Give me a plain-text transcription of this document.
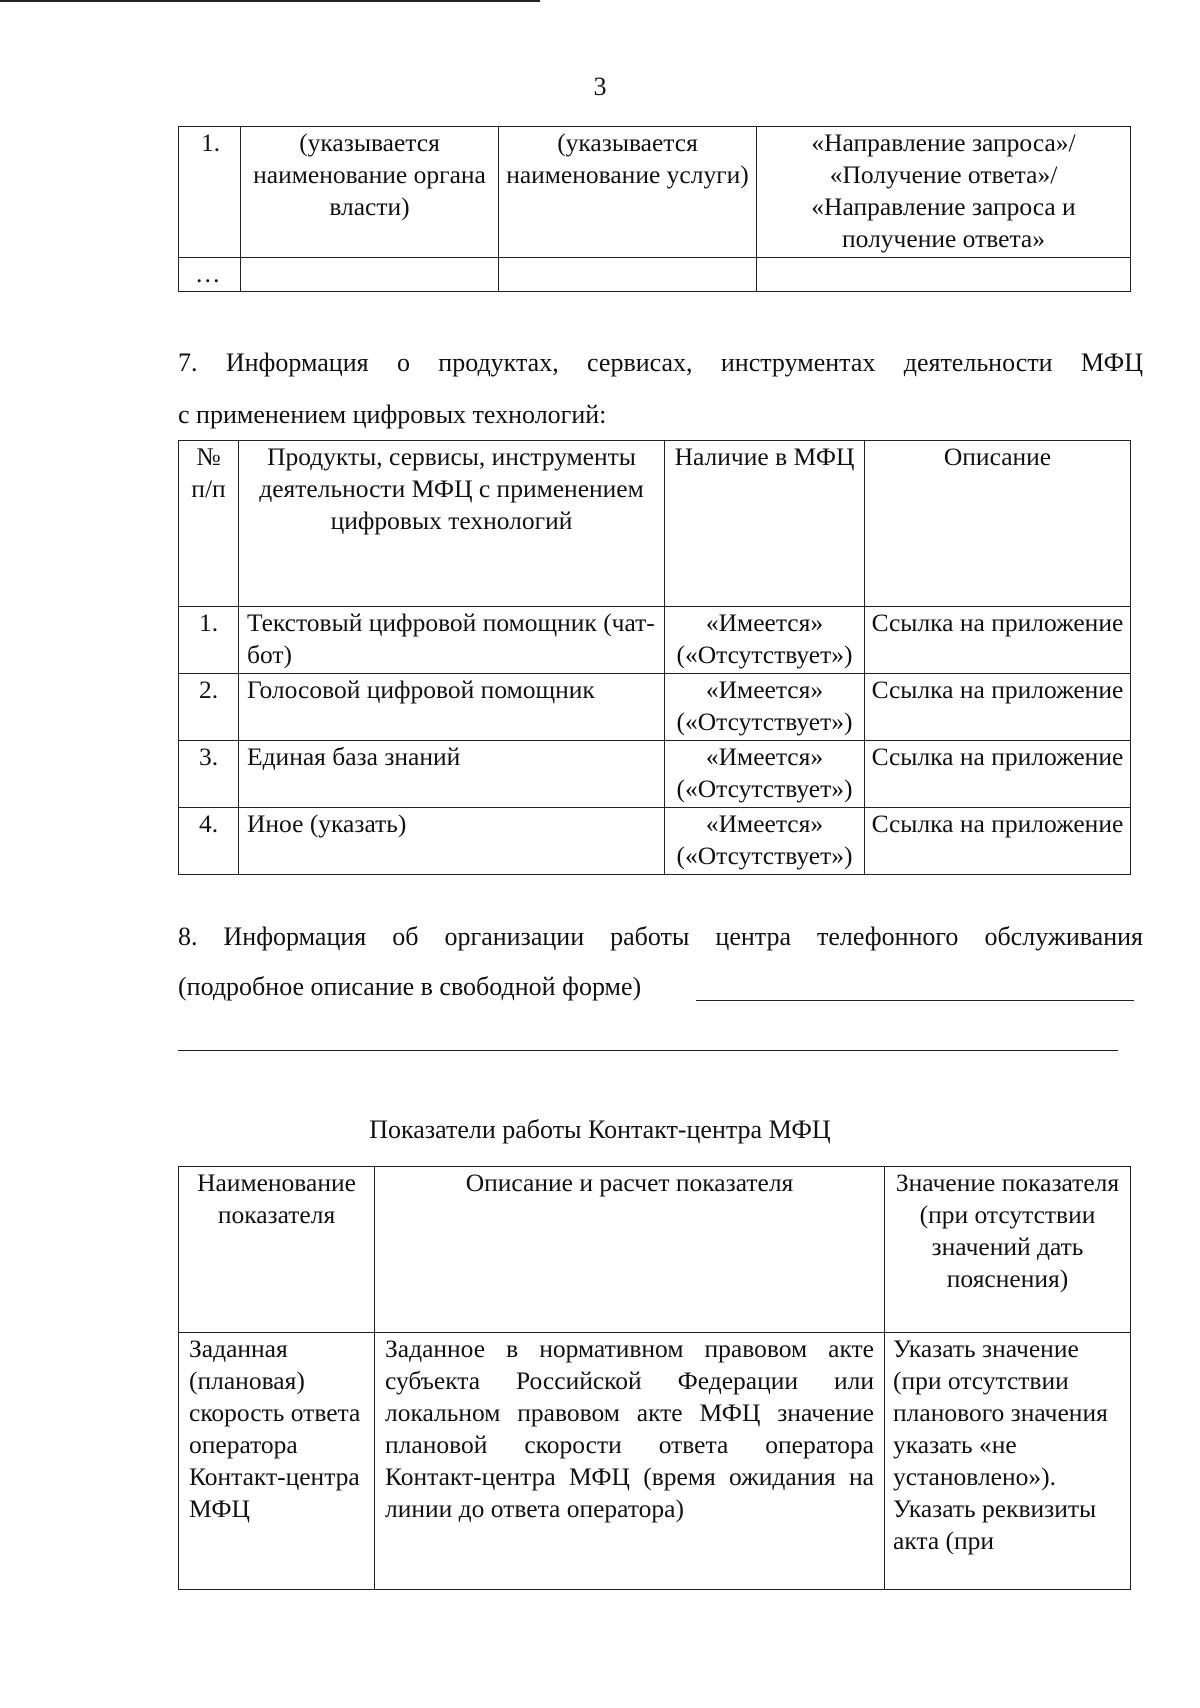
3
1.	(указывается наименование органа власти)	(указывается наименование услуги)	«Направление запроса»/ «Получение ответа»/ «Направление запроса и получение ответа»
…			
7. Информация о продуктах, сервисах, инструментах деятельности МФЦ
с применением цифровых технологий:
№ п/п	Продукты, сервисы, инструменты деятельности МФЦ с применением цифровых технологий	Наличие в МФЦ	Описание
1.	Текстовый цифровой помощник (чат-бот)	«Имеется» («Отсутствует»)	Ссылка на приложение
2.	Голосовой цифровой помощник	«Имеется» («Отсутствует»)	Ссылка на приложение
3.	Единая база знаний	«Имеется» («Отсутствует»)	Ссылка на приложение
4.	Иное (указать)	«Имеется» («Отсутствует»)	Ссылка на приложение
8. Информация об организации работы центра телефонного обслуживания
(подробное описание в свободной форме)
Показатели работы Контакт-центра МФЦ
Наименование показателя	Описание и расчет показателя	Значение показателя (при отсутствии значений дать пояснения)
Заданная (плановая) скорость ответа оператора Контакт-центра МФЦ	Заданное в нормативном правовом акте субъекта Российской Федерации или локальном правовом акте МФЦ значение плановой скорости ответа оператора Контакт-центра МФЦ (время ожидания на линии до ответа оператора)	Указать значение (при отсутствии планового значения указать «не установлено»). Указать реквизиты акта (при
